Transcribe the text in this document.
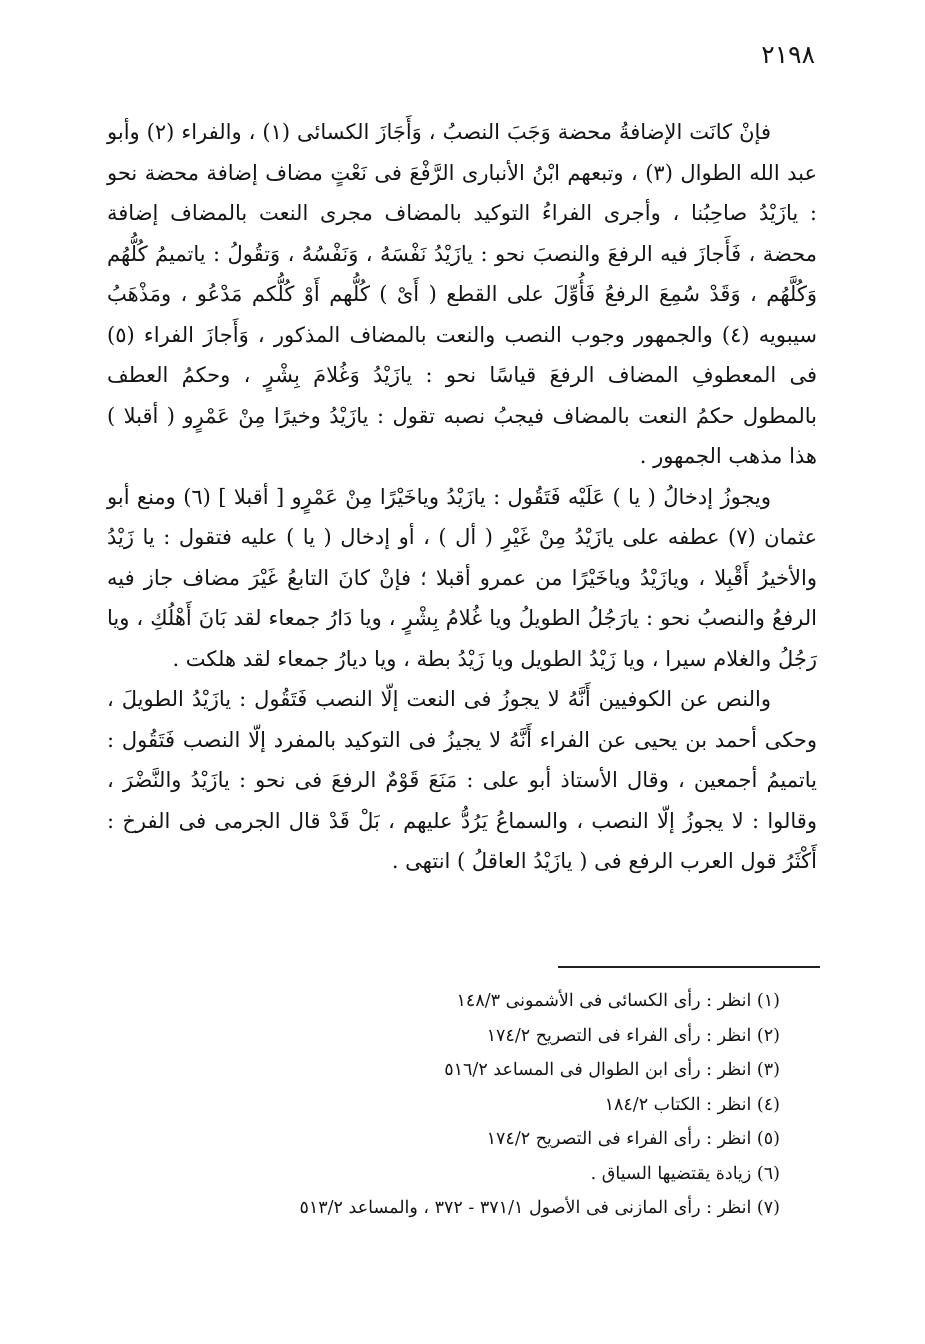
٢١٩٨

فإنْ كانَت الإضافةُ محضة وَجَبَ النصبُ ، وَأَجَازَ الكسائى (١) ، والفراء (٢) وأبو عبد الله الطوال (٣) ، وتبعهم ابْنُ الأنبارى الرَّفْعَ فى نَعْتٍ مضاف إضافة محضة نحو : يازَيْدُ صاحِبُنا ، وأجرى الفراءُ التوكيد بالمضاف مجرى النعت بالمضاف إضافة محضة ، فَأَجازَ فيه الرفعَ والنصبَ نحو : يازَيْدُ نَفْسَهُ ، وَنَفْسُهُ ، وَتقُولُ : ياتميمُ كُلُّهُم وَكُلَّهُم ، وَقَدْ سُمِعَ الرفعُ فَأُوِّلَ على القطع ( أَىْ ) كُلُّهم أَوْ كُلُّكم مَدْعُو ، ومَذْهَبُ سيبويه (٤) والجمهور وجوب النصب والنعت بالمضاف المذكور ، وَأَجازَ الفراء (٥) فى المعطوفِ المضاف الرفعَ قياسًا نحو : يازَيْدُ وَغُلامَ بِشْرٍ ، وحكمُ العطف بالمطول حكمُ النعت بالمضاف فيجبُ نصبه تقول : يازَيْدُ وخيرًا مِنْ عَمْرٍو ( أقبلا ) هذا مذهب الجمهور .

ويجوزُ إدخالُ ( يا ) عَلَيْه فَتَقُول : يازَيْدُ وياخَيْرًا مِنْ عَمْرٍو [ أقبلا ] (٦) ومنع أبو عثمان (٧) عطفه على يازَيْدُ مِنْ غَيْرِ ( أل ) ، أو إدخال ( يا ) عليه فتقول : يا زَيْدُ والأخيرُ أَقْبِلا ، ويازَيْدُ وياخَيْرًا من عمرو أقبلا ؛ فإنْ كانَ التابعُ غَيْرَ مضاف جاز فيه الرفعُ والنصبُ نحو : يارَجُلُ الطويلُ ويا غُلامُ بِشْرٍ ، ويا دَارُ جمعاء لقد بَانَ أَهْلُكِ ، ويا رَجُلُ والغلام سيرا ، ويا زَيْدُ الطويل ويا زَيْدُ بطة ، ويا ديارُ جمعاء لقد هلكت .

والنص عن الكوفيين أَنَّهُ لا يجوزُ فى النعت إلّا النصب فَتَقُول : يازَيْدُ الطويلَ ، وحكى أحمد بن يحيى عن الفراء أَنَّهُ لا يجيزُ فى التوكيد بالمفرد إلّا النصب فَتَقُول : ياتميمُ أجمعين ، وقال الأستاذ أبو على : مَنَعَ قَوْمٌ الرفعَ فى نحو : يازَيْدُ والنَّضْرَ ، وقالوا : لا يجوزُ إلّا النصب ، والسماعُ يَرُدُّ عليهم ، بَلْ قَدْ قال الجرمى فى الفرخ : أَكْثَرُ قول العرب الرفع فى ( يازَيْدُ العاقلُ ) انتهى .

(١) انظر : رأى الكسائى فى الأشمونى ١٤٨/٣
(٢) انظر : رأى الفراء فى التصريح ١٧٤/٢
(٣) انظر : رأى ابن الطوال فى المساعد ٥١٦/٢
(٤) انظر : الكتاب ١٨٤/٢
(٥) انظر : رأى الفراء فى التصريح ١٧٤/٢
(٦) زيادة يقتضيها السياق .
(٧) انظر : رأى المازنى فى الأصول ٣٧١/١ - ٣٧٢ ، والمساعد ٥١٣/٢
